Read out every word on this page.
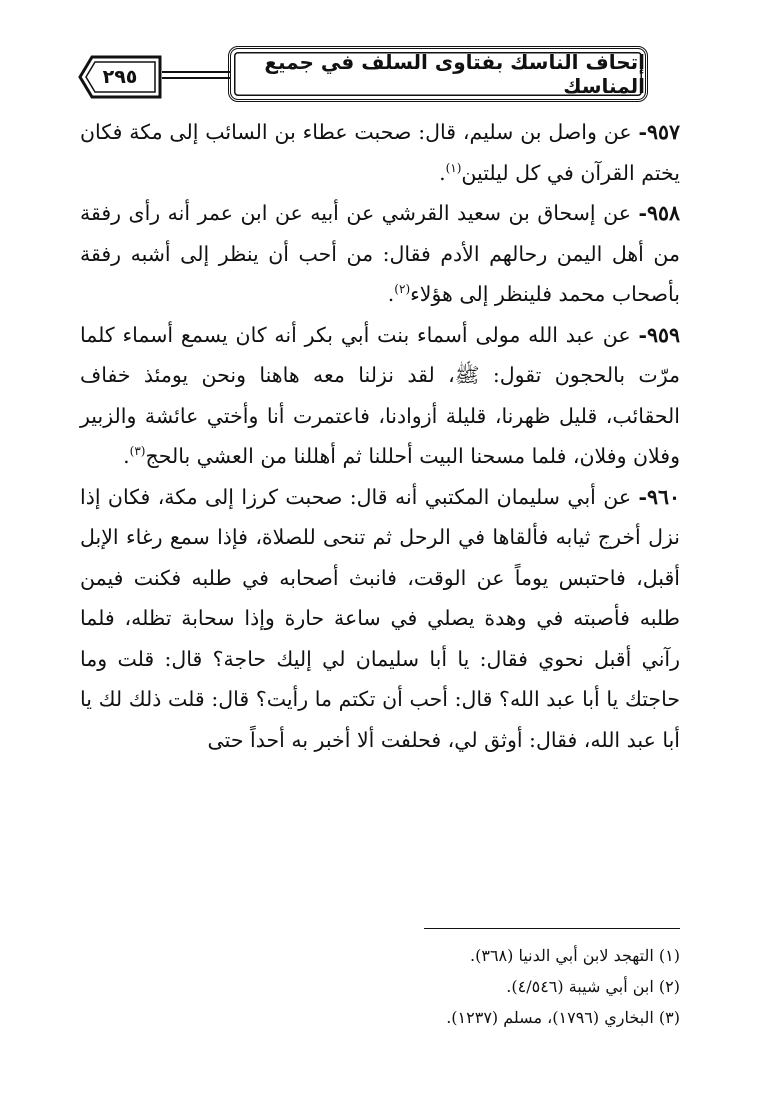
٢٩٥
إتحاف الناسك بفتاوى السلف في جميع المناسك

٩٥٧- عن واصل بن سليم، قال: صحبت عطاء بن السائب إلى مكة فكان يختم القرآن في كل ليلتين$^{(١)}$.

٩٥٨- عن إسحاق بن سعيد القرشي عن أبيه عن ابن عمر أنه رأى رفقة من أهل اليمن رحالهم الأدم فقال: من أحب أن ينظر إلى أشبه رفقة بأصحاب محمد فلينظر إلى هؤلاء$^{(٢)}$.

٩٥٩- عن عبد الله مولى أسماء بنت أبي بكر أنه كان يسمع أسماء كلما مرّت بالحجون تقول: ﷺ، لقد نزلنا معه هاهنا ونحن يومئذ خفاف الحقائب، قليل ظهرنا، قليلة أزوادنا، فاعتمرت أنا وأختي عائشة والزبير وفلان وفلان، فلما مسحنا البيت أحللنا ثم أهللنا من العشي بالحج$^{(٣)}$.

٩٦٠- عن أبي سليمان المكتبي أنه قال: صحبت كرزا إلى مكة، فكان إذا نزل أخرج ثيابه فألقاها في الرحل ثم تنحى للصلاة، فإذا سمع رغاء الإبل أقبل، فاحتبس يوماً عن الوقت، فانبث أصحابه في طلبه فكنت فيمن طلبه فأصبته في وهدة يصلي في ساعة حارة وإذا سحابة تظله، فلما رآني أقبل نحوي فقال: يا أبا سليمان لي إليك حاجة؟ قال: قلت وما حاجتك يا أبا عبد الله؟ قال: أحب أن تكتم ما رأيت؟ قال: قلت ذلك لك يا أبا عبد الله، فقال: أوثق لي، فحلفت ألا أخبر به أحداً حتى

(١) التهجد لابن أبي الدنيا (٣٦٨).

(٢) ابن أبي شيبة (٤/٥٤٦).

(٣) البخاري (١٧٩٦)، مسلم (١٢٣٧).
